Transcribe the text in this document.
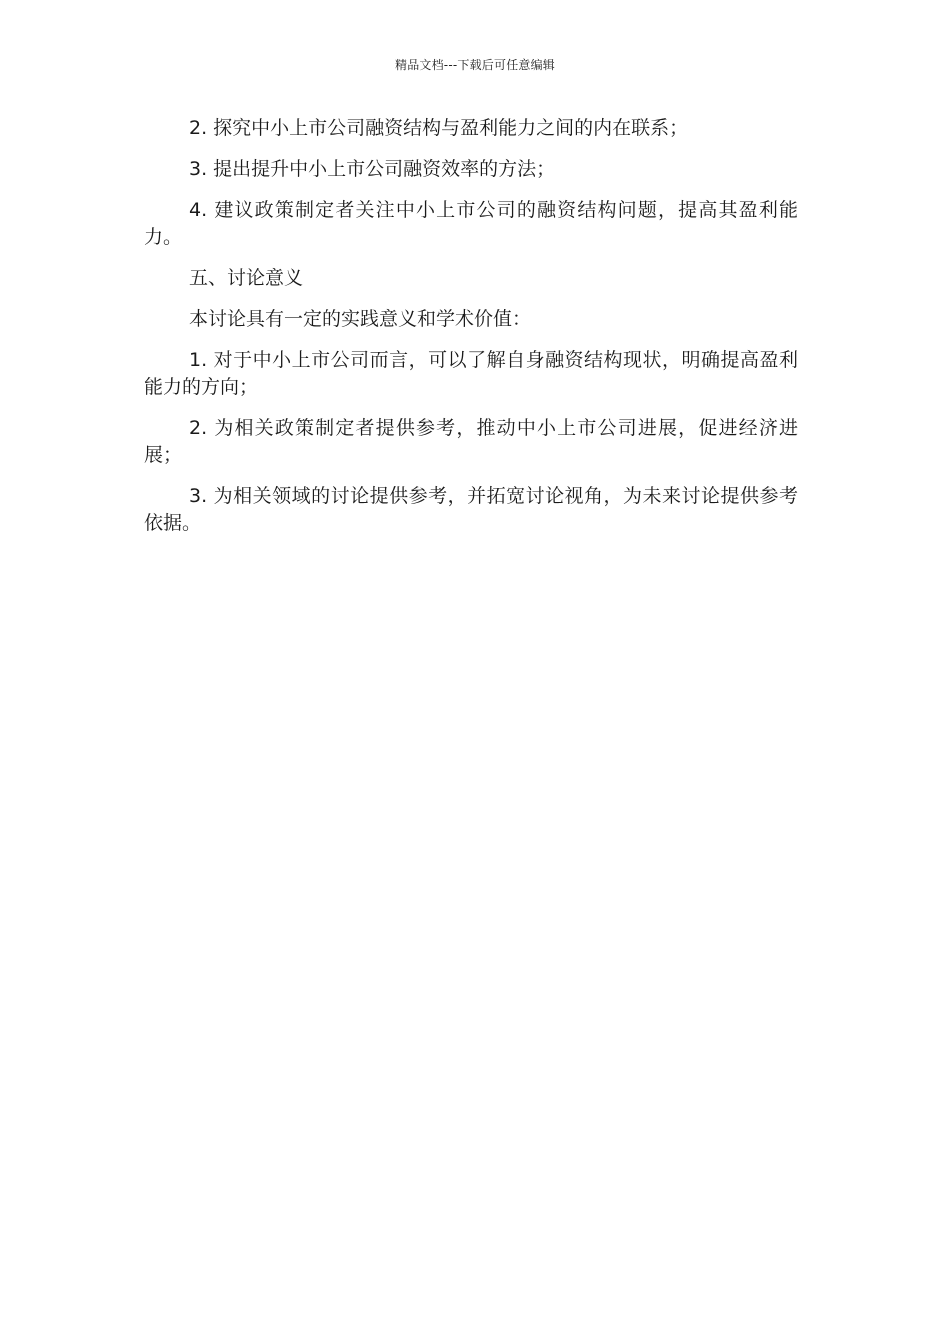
精品文档---下载后可任意编辑

2. 探究中小上市公司融资结构与盈利能力之间的内在联系；

3. 提出提升中小上市公司融资效率的方法；

4. 建议政策制定者关注中小上市公司的融资结构问题，提高其盈利能力。

五、讨论意义

本讨论具有一定的实践意义和学术价值：

1. 对于中小上市公司而言，可以了解自身融资结构现状，明确提高盈利能力的方向；

2. 为相关政策制定者提供参考，推动中小上市公司进展，促进经济进展；

3. 为相关领域的讨论提供参考，并拓宽讨论视角，为未来讨论提供参考依据。
